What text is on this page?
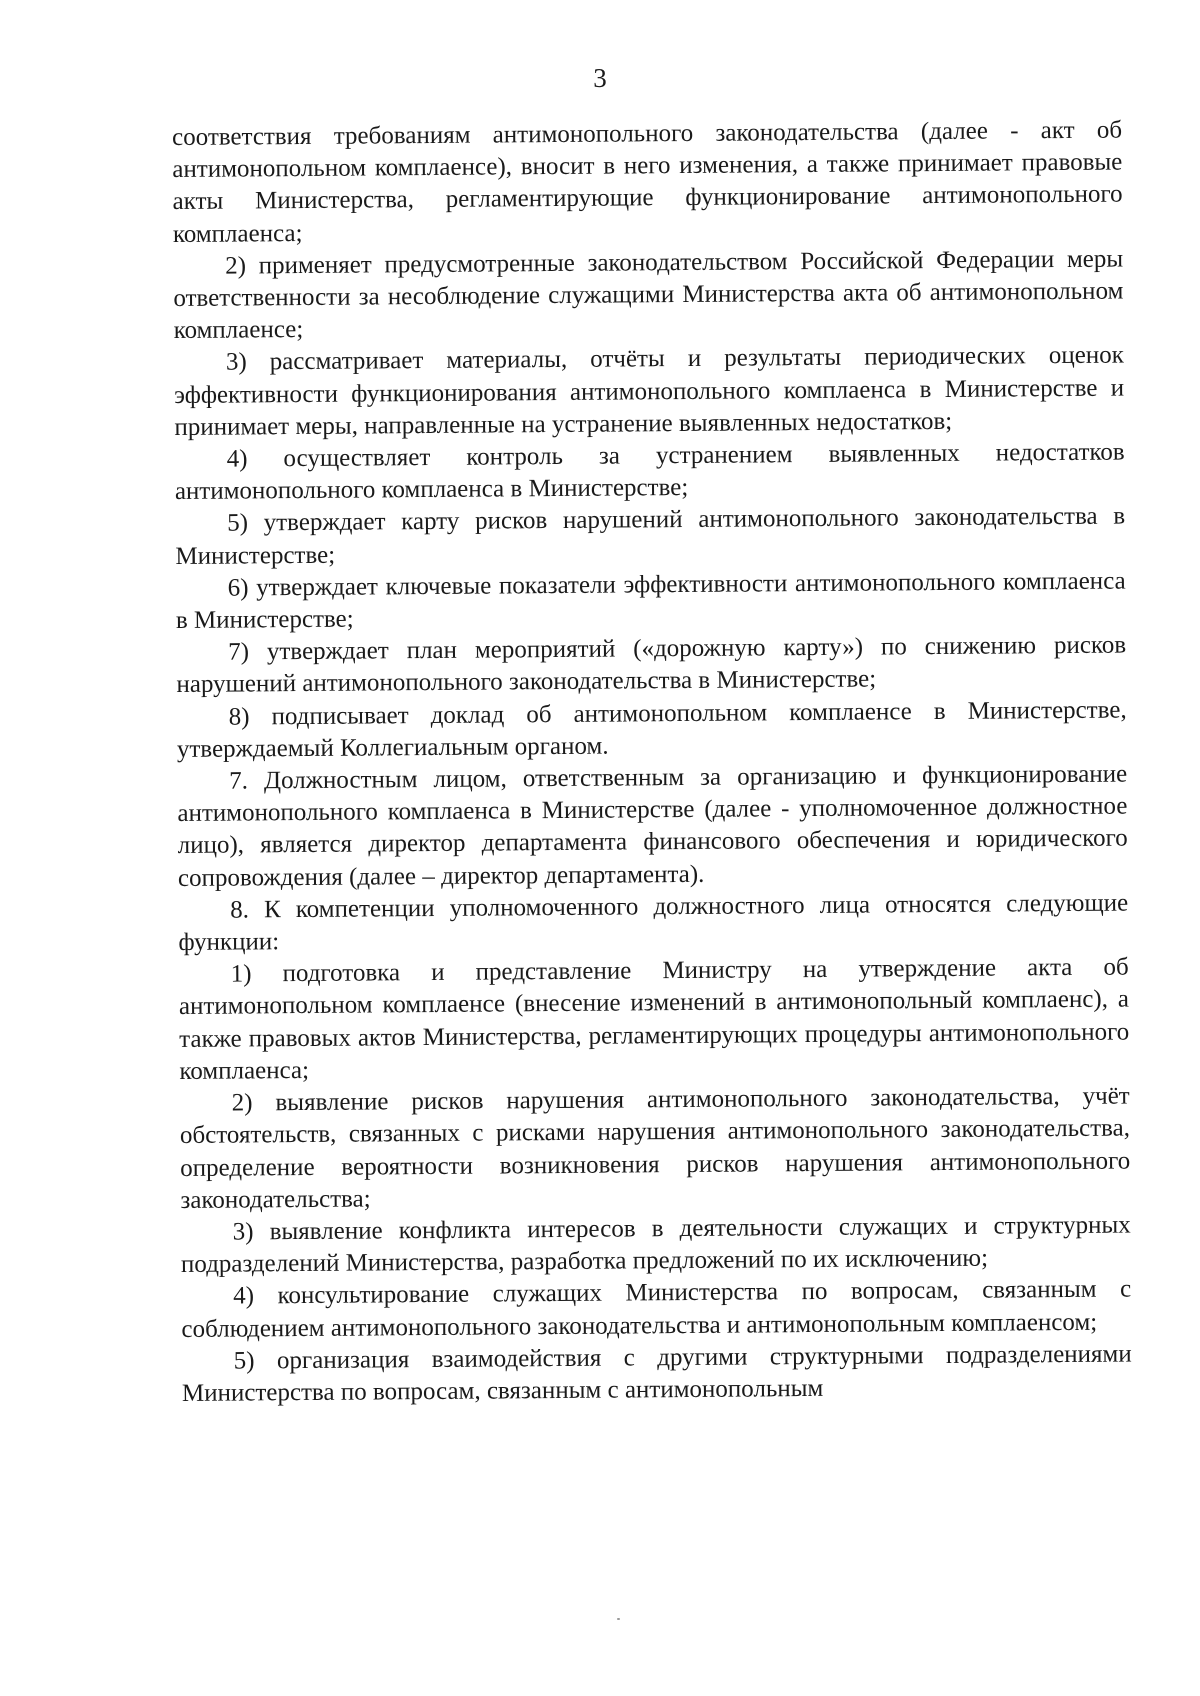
3

соответствия требованиям антимонопольного законодательства (далее - акт об антимонопольном комплаенсе), вносит в него изменения, а также принимает правовые акты Министерства, регламентирующие функционирование антимонопольного комплаенса;

2) применяет предусмотренные законодательством Российской Федерации меры ответственности за несоблюдение служащими Министерства акта об антимонопольном комплаенсе;

3) рассматривает материалы, отчёты и результаты периодических оценок эффективности функционирования антимонопольного комплаенса в Министерстве и принимает меры, направленные на устранение выявленных недостатков;

4) осуществляет контроль за устранением выявленных недостатков антимонопольного комплаенса в Министерстве;

5) утверждает карту рисков нарушений антимонопольного законодательства в Министерстве;

6) утверждает ключевые показатели эффективности антимонопольного комплаенса в Министерстве;

7) утверждает план мероприятий («дорожную карту») по снижению рисков нарушений антимонопольного законодательства в Министерстве;

8) подписывает доклад об антимонопольном комплаенсе в Министерстве, утверждаемый Коллегиальным органом.

7. Должностным лицом, ответственным за организацию и функционирование антимонопольного комплаенса в Министерстве (далее - уполномоченное должностное лицо), является директор департамента финансового обеспечения и юридического сопровождения (далее – директор департамента).

8. К компетенции уполномоченного должностного лица относятся следующие функции:

1) подготовка и представление Министру на утверждение акта об антимонопольном комплаенсе (внесение изменений в антимонопольный комплаенс), а также правовых актов Министерства, регламентирующих процедуры антимонопольного комплаенса;

2) выявление рисков нарушения антимонопольного законодательства, учёт обстоятельств, связанных с рисками нарушения антимонопольного законодательства, определение вероятности возникновения рисков нарушения антимонопольного законодательства;

3) выявление конфликта интересов в деятельности служащих и структурных подразделений Министерства, разработка предложений по их исключению;

4) консультирование служащих Министерства по вопросам, связанным с соблюдением антимонопольного законодательства и антимонопольным комплаенсом;

5) организация взаимодействия с другими структурными подразделениями Министерства по вопросам, связанным с антимонопольным
